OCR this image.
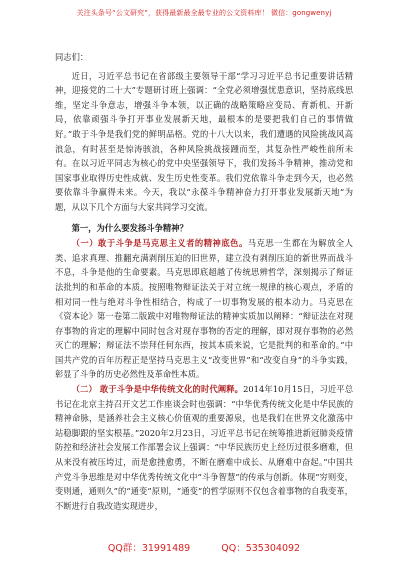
关注头条号“公文研究”，获得最新最全最专业的公文资料库！ 微信：gongwenyj

同志们：

近日，习近平总书记在省部级主要领导干部“学习习近平总书记重要讲话精神，迎接党的二十大”专题研讨班上强调：“全党必须增强忧患意识，坚持底线思维，坚定斗争意志，增强斗争本领，以正确的战略策略应变局、育新机、开新局，依靠顽强斗争打开事业发展新天地，最根本的是要把我们自己的事情做好。”敢于斗争是我们党的鲜明品格。党的十八大以来，我们遭遇的风险挑战风高浪急，有时甚至是惊涛骇浪，各种风险挑战接踵而至，其复杂性严峻性前所未有。在以习近平同志为核心的党中央坚强领导下，我们发扬斗争精神，推动党和国家事业取得历史性成就、发生历史性变革。我们党依靠斗争走到今天，也必然要依靠斗争赢得未来。今天，我以“永葆斗争精神奋力打开事业发展新天地”为题，从以下几个方面与大家共同学习交流。

第一，为什么要发扬斗争精神？

（一）敢于斗争是马克思主义者的精神底色。马克思一生都在为解放全人类、追求真理、推翻充满剥削压迫的旧世界，建立没有剥削压迫的新世界而战斗不息，斗争是他的生命要素。马克思即底超越了传统思辨哲学，深刻揭示了辩证法批判的和革命的本质。按照唯物辩证法关于对立统一规律的核心观点，矛盾的相对同一性与绝对斗争性相结合，构成了一切事物发展的根本动力。马克思在《资本论》第一卷第二版跋中对唯物辩证法的精神实质加以阐释：“辩证法在对现存事物的肯定的理解中同时包含对现存事物的否定的理解，即对现存事物的必然灭亡的理解；辩证法不崇拜任何东西，按其本质来说，它是批判的和革命的。”中国共产党的百年历程正是坚持马克思主义“改变世界”和“改变自身”的斗争实践，彰显了斗争的历史必然性及革命性本质。

（二） 敢于斗争是中华传统文化的时代阐释。2014年10月15日，习近平总书记在北京主持召开文艺工作座谈会时也强调：“中华优秀传统文化是中华民族的精神命脉，是涵养社会主义核心价值观的重要源泉，也是我们在世界文化激荡中站稳脚跟的坚实根基。”2020年2月23日，习近平总书记在统筹推进新冠肺炎疫情防控和经济社会发展工作部署会议上强调：“中华民族历史上经历过很多磨难，但从来没有被压垮过，而是愈挫愈勇，不断在磨难中成长、从磨难中奋起。”中国共产党斗争思维是对中华优秀传统文化中“斗争智慧”的传承与创新。体现“穷则变，变则通，通则久”的“通变”原则，“通变”的哲学原则不仅包含着事物的自我变革，不断进行自我改造实现进步，

QQ群：31991489	QQ：535304092
